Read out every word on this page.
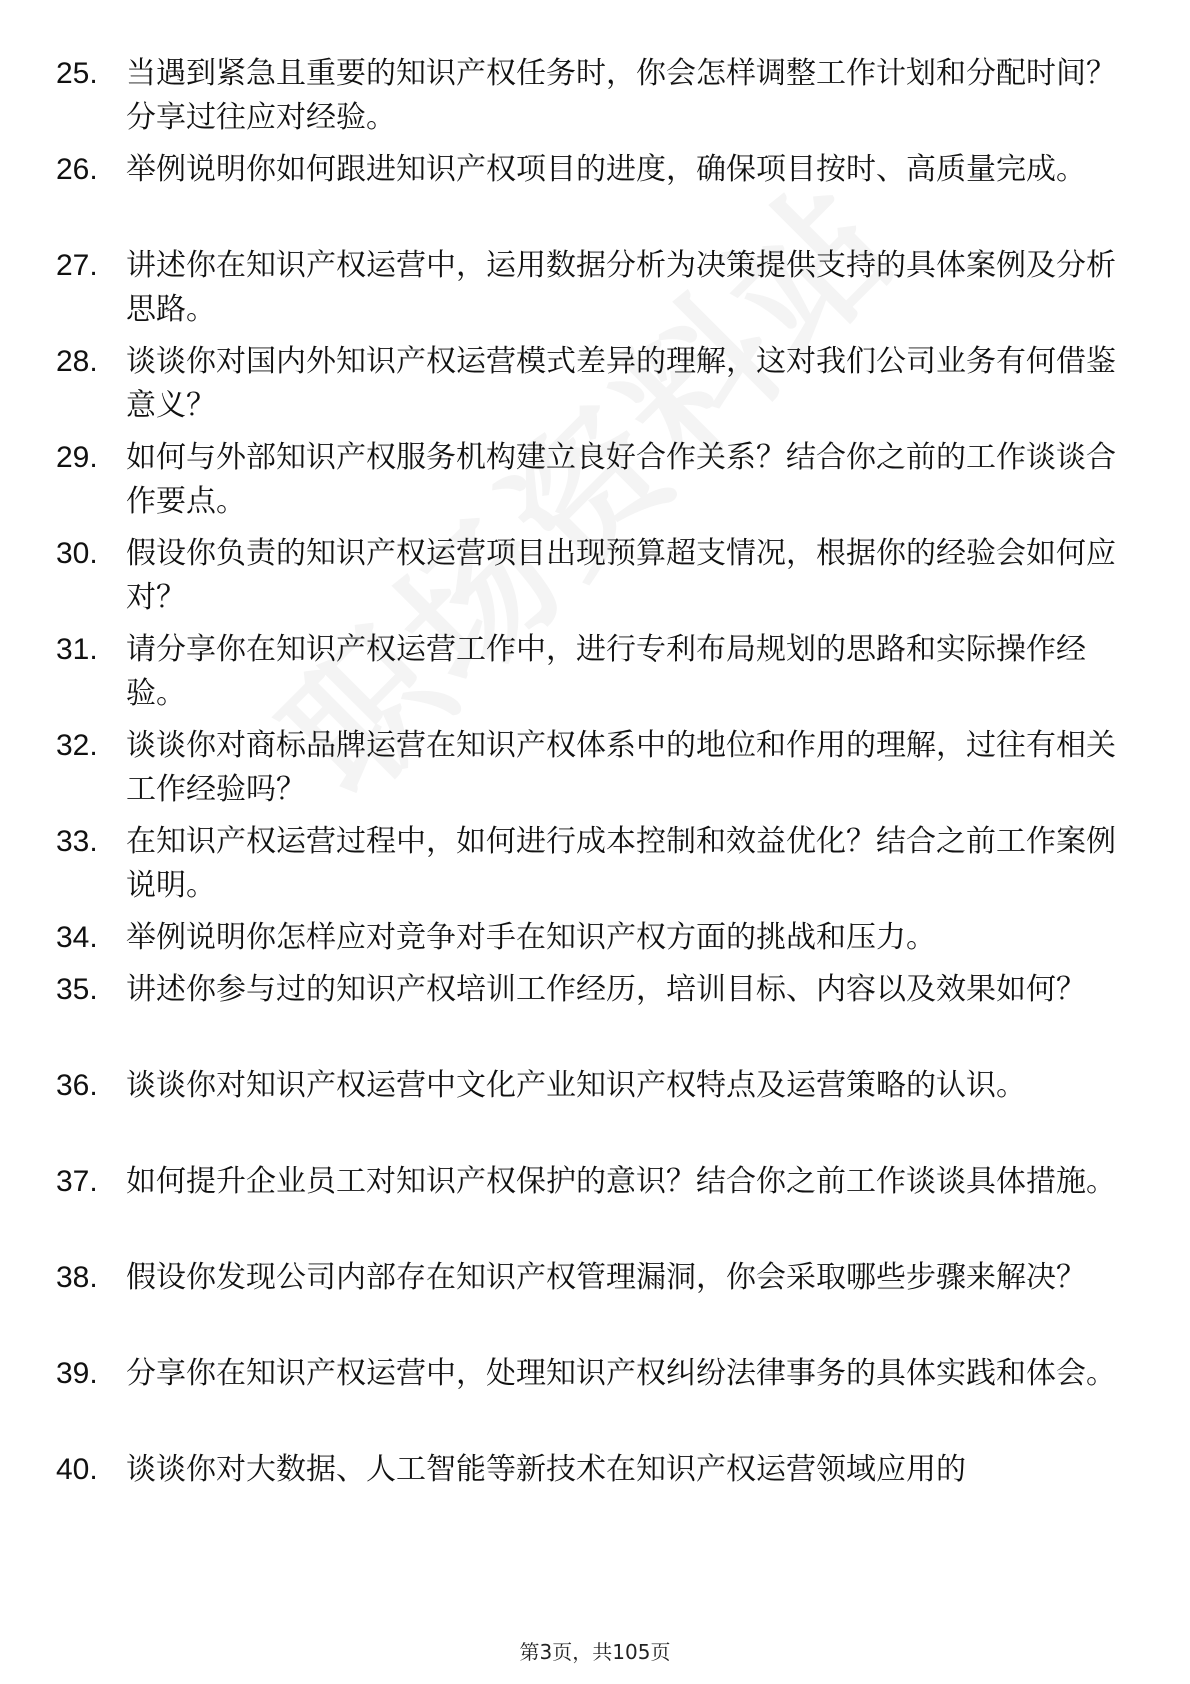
25. 当遇到紧急且重要的知识产权任务时，你会怎样调整工作计划和分配时间？分享过往应对经验。
26. 举例说明你如何跟进知识产权项目的进度，确保项目按时、高质量完成。
27. 讲述你在知识产权运营中，运用数据分析为决策提供支持的具体案例及分析思路。
28. 谈谈你对国内外知识产权运营模式差异的理解，这对我们公司业务有何借鉴意义？
29. 如何与外部知识产权服务机构建立良好合作关系？结合你之前的工作谈谈合作要点。
30. 假设你负责的知识产权运营项目出现预算超支情况，根据你的经验会如何应对？
31. 请分享你在知识产权运营工作中，进行专利布局规划的思路和实际操作经验。
32. 谈谈你对商标品牌运营在知识产权体系中的地位和作用的理解，过往有相关工作经验吗？
33. 在知识产权运营过程中，如何进行成本控制和效益优化？结合之前工作案例说明。
34. 举例说明你怎样应对竞争对手在知识产权方面的挑战和压力。
35. 讲述你参与过的知识产权培训工作经历，培训目标、内容以及效果如何？
36. 谈谈你对知识产权运营中文化产业知识产权特点及运营策略的认识。
37. 如何提升企业员工对知识产权保护的意识？结合你之前工作谈谈具体措施。
38. 假设你发现公司内部存在知识产权管理漏洞，你会采取哪些步骤来解决？
39. 分享你在知识产权运营中，处理知识产权纠纷法律事务的具体实践和体会。
40. 谈谈你对大数据、人工智能等新技术在知识产权运营领域应用的
第3页，共105页
